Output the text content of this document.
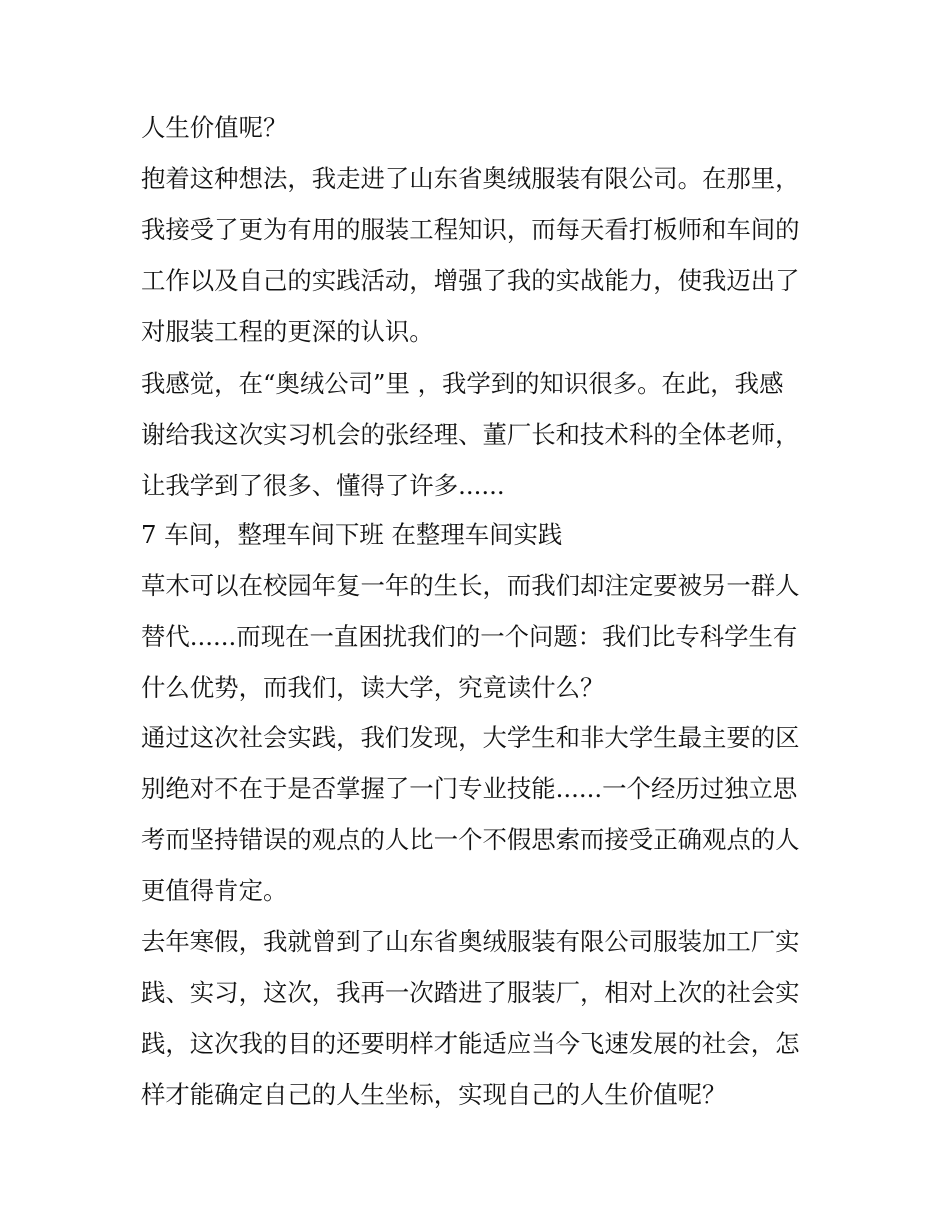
人生价值呢？

抱着这种想法，我走进了山东省奥绒服装有限公司。在那里，

我接受了更为有用的服装工程知识，而每天看打板师和车间的

工作以及自己的实践活动，增强了我的实战能力，使我迈出了

对服装工程的更深的认识。

我感觉，在“奥绒公司”里 ，我学到的知识很多。在此，我感

谢给我这次实习机会的张经理、董厂长和技术科的全体老师，

让我学到了很多、懂得了许多......

7 车间，整理车间下班 在整理车间实践

草木可以在校园年复一年的生长，而我们却注定要被另一群人

替代......而现在一直困扰我们的一个问题：我们比专科学生有

什么优势，而我们，读大学，究竟读什么？

通过这次社会实践，我们发现，大学生和非大学生最主要的区

别绝对不在于是否掌握了一门专业技能......一个经历过独立思

考而坚持错误的观点的人比一个不假思索而接受正确观点的人

更值得肯定。

去年寒假，我就曾到了山东省奥绒服装有限公司服装加工厂实

践、实习，这次，我再一次踏进了服装厂，相对上次的社会实

践，这次我的目的还要明样才能适应当今飞速发展的社会，怎

样才能确定自己的人生坐标，实现自己的人生价值呢？
